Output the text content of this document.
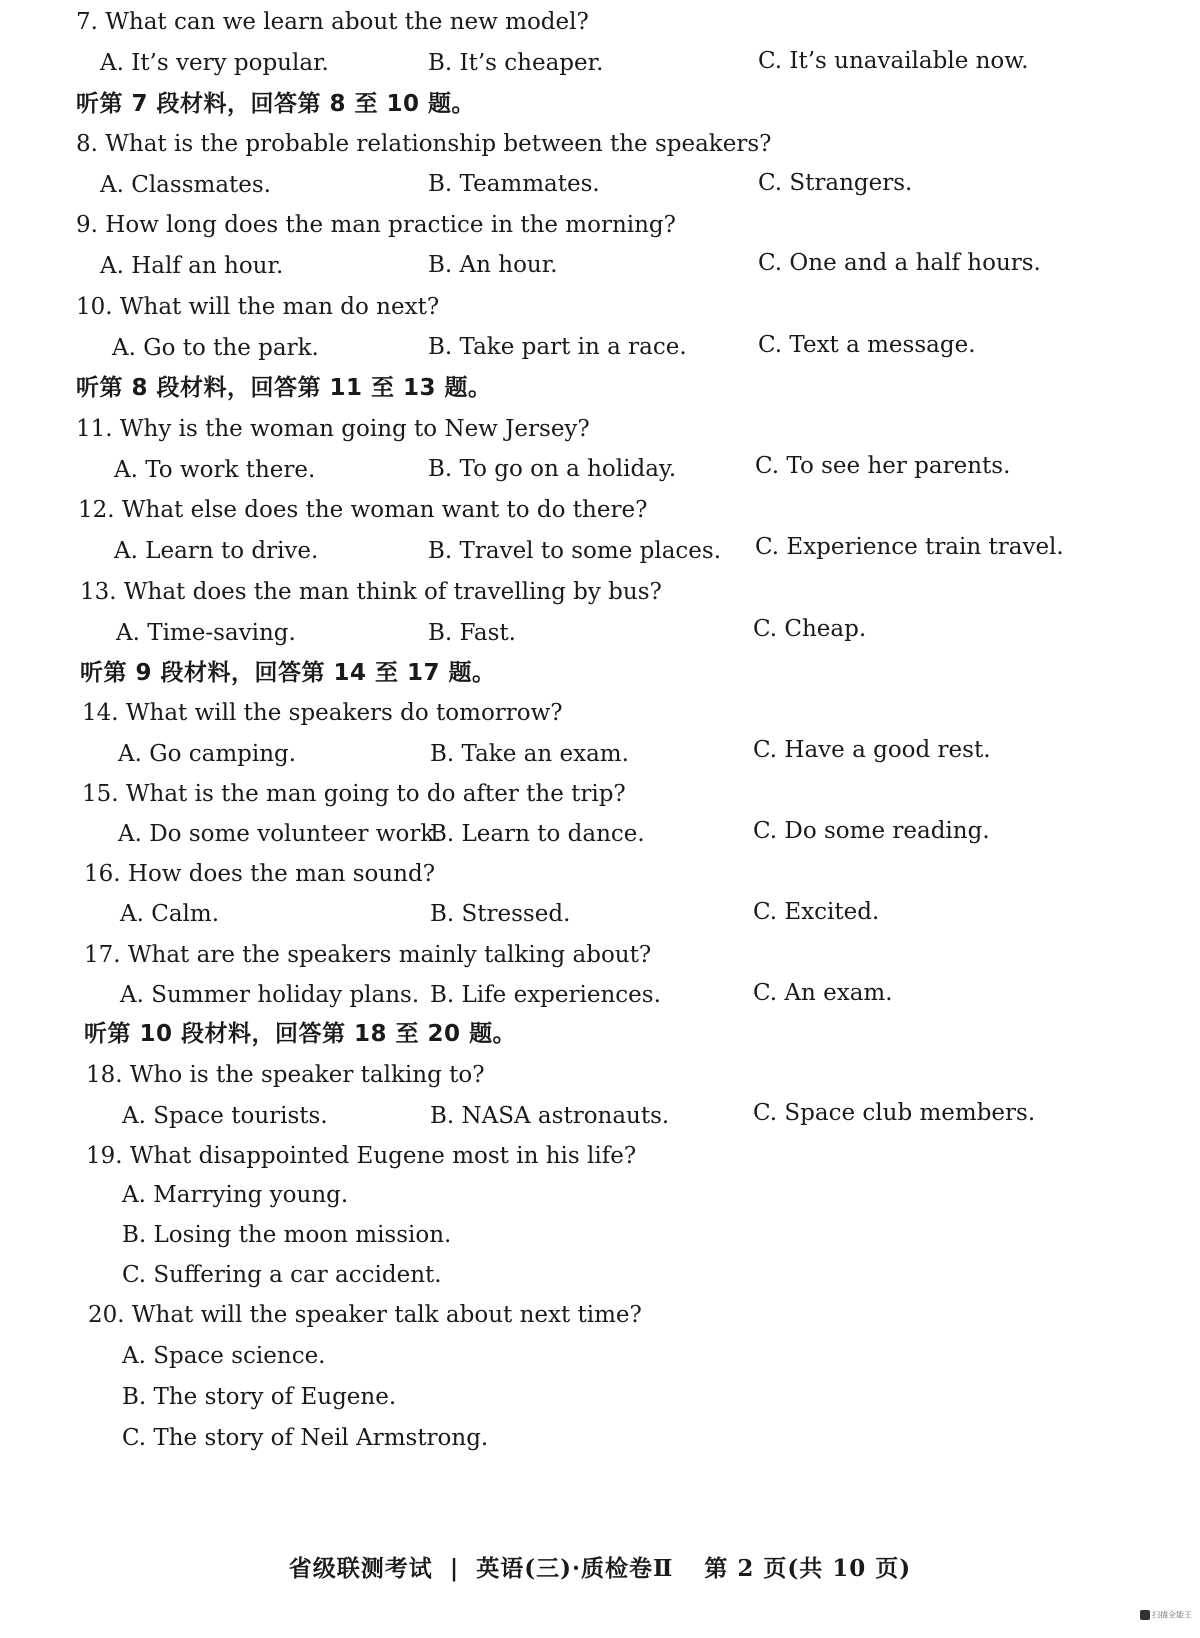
7. What can we learn about the new model?
A. It’s very popular.	B. It’s cheaper.	C. It’s unavailable now.
听第 7 段材料，回答第 8 至 10 题。
8. What is the probable relationship between the speakers?
A. Classmates.	B. Teammates.	C. Strangers.
9. How long does the man practice in the morning?
A. Half an hour.	B. An hour.	C. One and a half hours.
10. What will the man do next?
A. Go to the park.	B. Take part in a race.	C. Text a message.
听第 8 段材料，回答第 11 至 13 题。
11. Why is the woman going to New Jersey?
A. To work there.	B. To go on a holiday.	C. To see her parents.
12. What else does the woman want to do there?
A. Learn to drive.	B. Travel to some places. C. Experience train travel.
13. What does the man think of travelling by bus?
A. Time-saving.	B. Fast.	C. Cheap.
听第 9 段材料，回答第 14 至 17 题。
14. What will the speakers do tomorrow?
A. Go camping.	B. Take an exam.	C. Have a good rest.
15. What is the man going to do after the trip?
A. Do some volunteer work.
B. Learn to dance.	C. Do some reading.
16. How does the man sound?
A. Calm.	B. Stressed.	C. Excited.
17. What are the speakers mainly talking about?
A. Summer holiday plans. B. Life experiences.	C. An exam.
听第 10 段材料，回答第 18 至 20 题。
18. Who is the speaker talking to?
A. Space tourists.	B. NASA astronauts.	C. Space club members.
19. What disappointed Eugene most in his life?
A. Marrying young.
B. Losing the moon mission.
C. Suffering a car accident.
20. What will the speaker talk about next time?
A. Space science.
B. The story of Eugene.
C. The story of Neil Armstrong.
省级联测考试 | 英语(三)·质检卷Ⅱ 第 2 页(共 10 页)
扫描全能王
